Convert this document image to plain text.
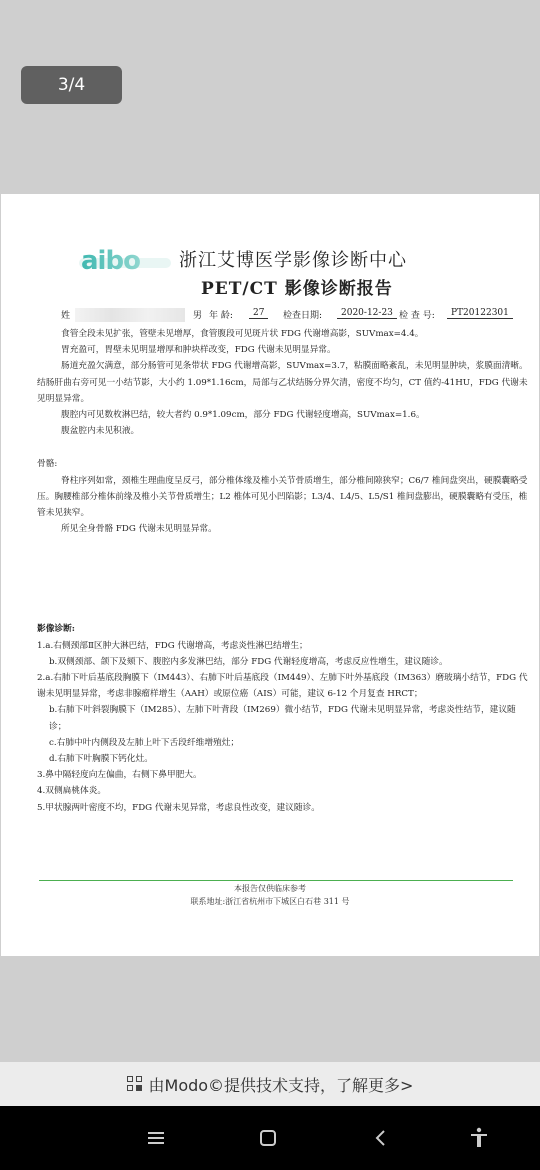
3/4
aibo 浙江艾博医学影像诊断中心
PET/CT 影像诊断报告
姓	男 年 龄:	27	检查日期:	2020-12-23 检 查 号:	PT20122301

食管全段未见扩张，管壁未见增厚，食管腹段可见斑片状 FDG 代谢增高影，SUVmax=4.4。

胃充盈可，胃壁未见明显增厚和肿块样改变，FDG 代谢未见明显异常。

肠道充盈欠满意，部分肠管可见条带状 FDG 代谢增高影，SUVmax=3.7，粘膜面略紊乱，未见明显肿块，浆膜面清晰。结肠肝曲右旁可见一小结节影，大小约 1.09*1.16cm，局部与乙状结肠分界欠清，密度不均匀，CT 值约-41HU，FDG 代谢未见明显异常。

腹腔内可见数枚淋巴结，较大者约 0.9*1.09cm，部分 FDG 代谢轻度增高，SUVmax=1.6。

腹盆腔内未见积液。

骨骼:

脊柱序列如常，颈椎生理曲度呈反弓，部分椎体缘及椎小关节骨质增生，部分椎间隙狭窄；C6/7 椎间盘突出，硬膜囊略受压。胸腰椎部分椎体前缘及椎小关节骨质增生；L2 椎体可见小凹陷影；L3/4、L4/5、L5/S1 椎间盘膨出，硬膜囊略有受压，椎管未见狭窄。

所见全身骨骼 FDG 代谢未见明显异常。

影像诊断:

1.a.右侧颈部Ⅱ区肿大淋巴结，FDG 代谢增高，考虑炎性淋巴结增生；

b.双侧颈部、颌下及颏下、腹腔内多发淋巴结，部分 FDG 代谢轻度增高，考虑反应性增生，建议随诊。

2.a.右肺下叶后基底段胸膜下（IM443）、右肺下叶后基底段（IM449）、左肺下叶外基底段（IM363）磨玻璃小结节，FDG 代谢未见明显异常，考虑非腺瘤样增生（AAH）或原位癌（AIS）可能，建议 6-12 个月复查 HRCT；

b.右肺下叶斜裂胸膜下（IM285）、左肺下叶背段（IM269）微小结节，FDG 代谢未见明显异常，考虑炎性结节，建议随诊；

c.右肺中叶内侧段及左肺上叶下舌段纤维增殖灶；

d.右肺下叶胸膜下钙化灶。

3.鼻中隔轻度向左偏曲，右侧下鼻甲肥大。

4.双侧扁桃体炎。

5.甲状腺两叶密度不均，FDG 代谢未见异常，考虑良性改变，建议随诊。

本报告仅供临床参考
联系地址:浙江省杭州市下城区白石巷 311 号
由Modo©提供技术支持，了解更多>
